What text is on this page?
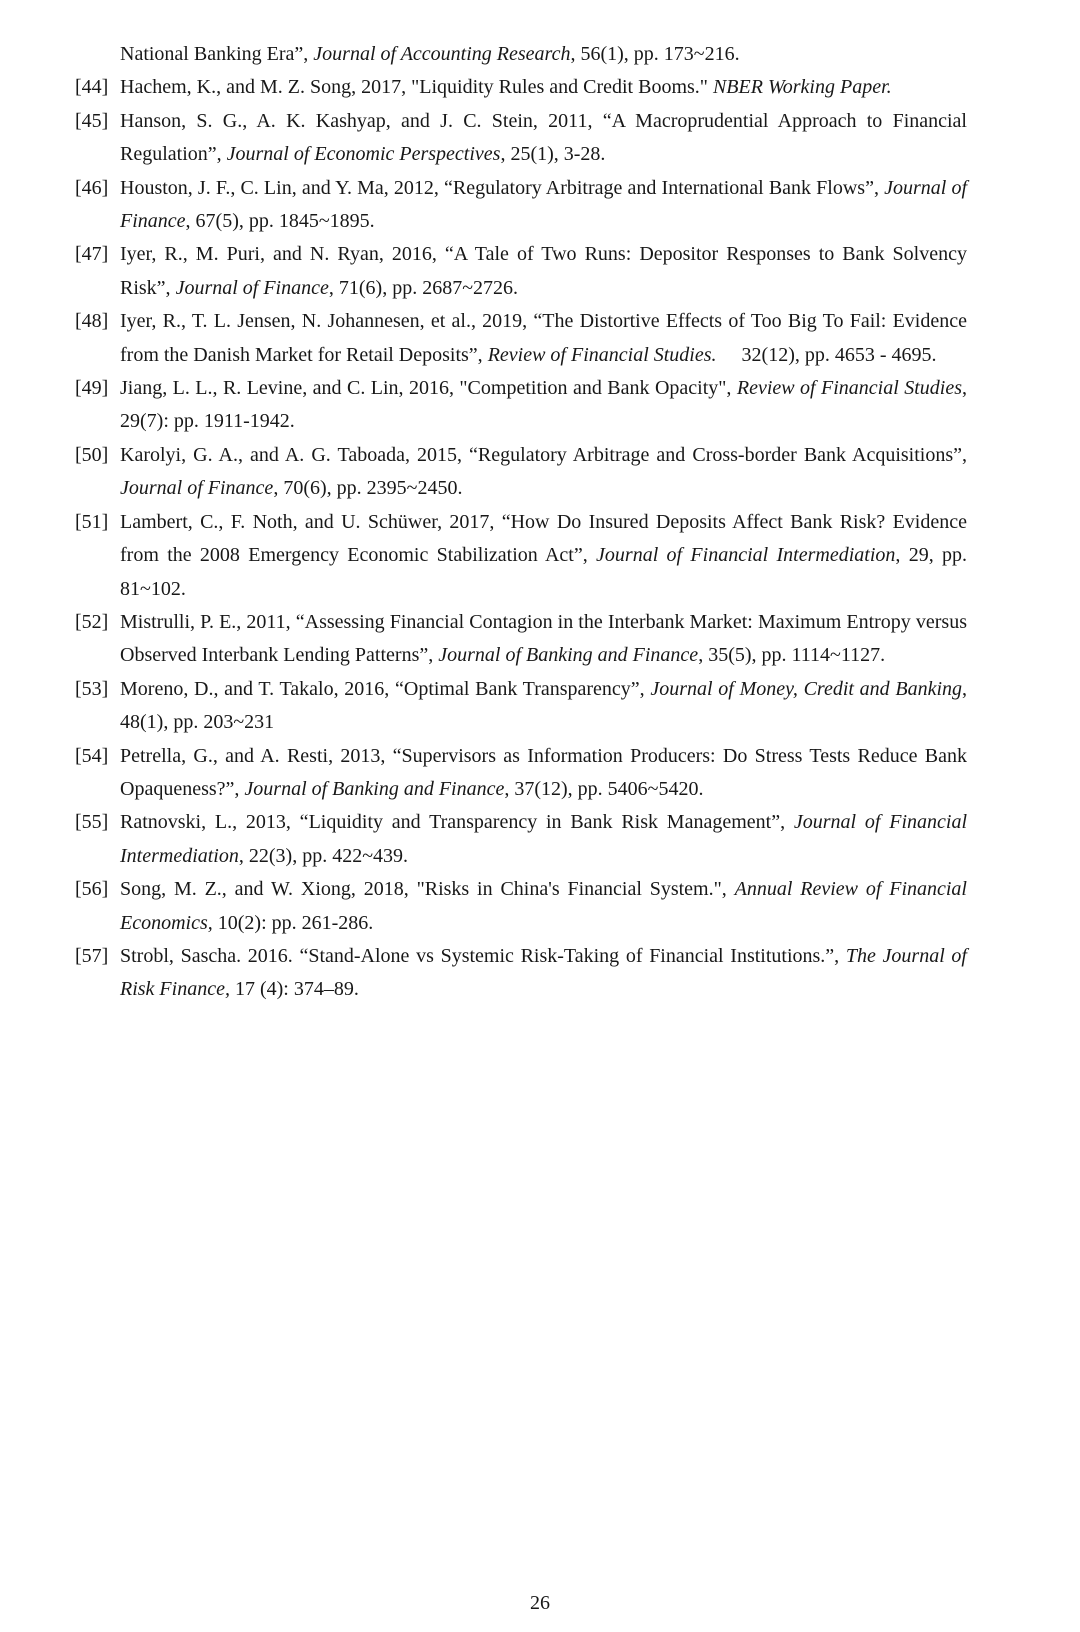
National Banking Era”, Journal of Accounting Research, 56(1), pp. 173~216.

[44] Hachem, K., and M. Z. Song, 2017, "Liquidity Rules and Credit Booms." NBER Working Paper.

[45] Hanson, S. G., A. K. Kashyap, and J. C. Stein, 2011, “A Macroprudential Approach to Financial Regulation”, Journal of Economic Perspectives, 25(1), 3-28.

[46] Houston, J. F., C. Lin, and Y. Ma, 2012, “Regulatory Arbitrage and International Bank Flows”, Journal of Finance, 67(5), pp. 1845~1895.

[47] Iyer, R., M. Puri, and N. Ryan, 2016, “A Tale of Two Runs: Depositor Responses to Bank Solvency Risk”, Journal of Finance, 71(6), pp. 2687~2726.

[48] Iyer, R., T. L. Jensen, N. Johannesen, et al., 2019, “The Distortive Effects of Too Big To Fail: Evidence from the Danish Market for Retail Deposits”, Review of Financial Studies.  32(12), pp. 4653 - 4695.

[49] Jiang, L. L., R. Levine, and C. Lin, 2016, "Competition and Bank Opacity", Review of Financial Studies, 29(7): pp. 1911-1942.

[50] Karolyi, G. A., and A. G. Taboada, 2015, “Regulatory Arbitrage and Cross-border Bank Acquisitions”, Journal of Finance, 70(6), pp. 2395~2450.

[51] Lambert, C., F. Noth, and U. Schüwer, 2017, “How Do Insured Deposits Affect Bank Risk? Evidence from the 2008 Emergency Economic Stabilization Act”, Journal of Financial Intermediation, 29, pp. 81~102.

[52] Mistrulli, P. E., 2011, “Assessing Financial Contagion in the Interbank Market: Maximum Entropy versus Observed Interbank Lending Patterns”, Journal of Banking and Finance, 35(5), pp. 1114~1127.

[53] Moreno, D., and T. Takalo, 2016, “Optimal Bank Transparency”, Journal of Money, Credit and Banking, 48(1), pp. 203~231

[54] Petrella, G., and A. Resti, 2013, “Supervisors as Information Producers: Do Stress Tests Reduce Bank Opaqueness?”, Journal of Banking and Finance, 37(12), pp. 5406~5420.

[55] Ratnovski, L., 2013, “Liquidity and Transparency in Bank Risk Management”, Journal of Financial Intermediation, 22(3), pp. 422~439.

[56] Song, M. Z., and W. Xiong, 2018, "Risks in China's Financial System.", Annual Review of Financial Economics, 10(2): pp. 261-286.

[57] Strobl, Sascha. 2016. “Stand-Alone vs Systemic Risk-Taking of Financial Institutions.”, The Journal of Risk Finance, 17 (4): 374–89.

26
